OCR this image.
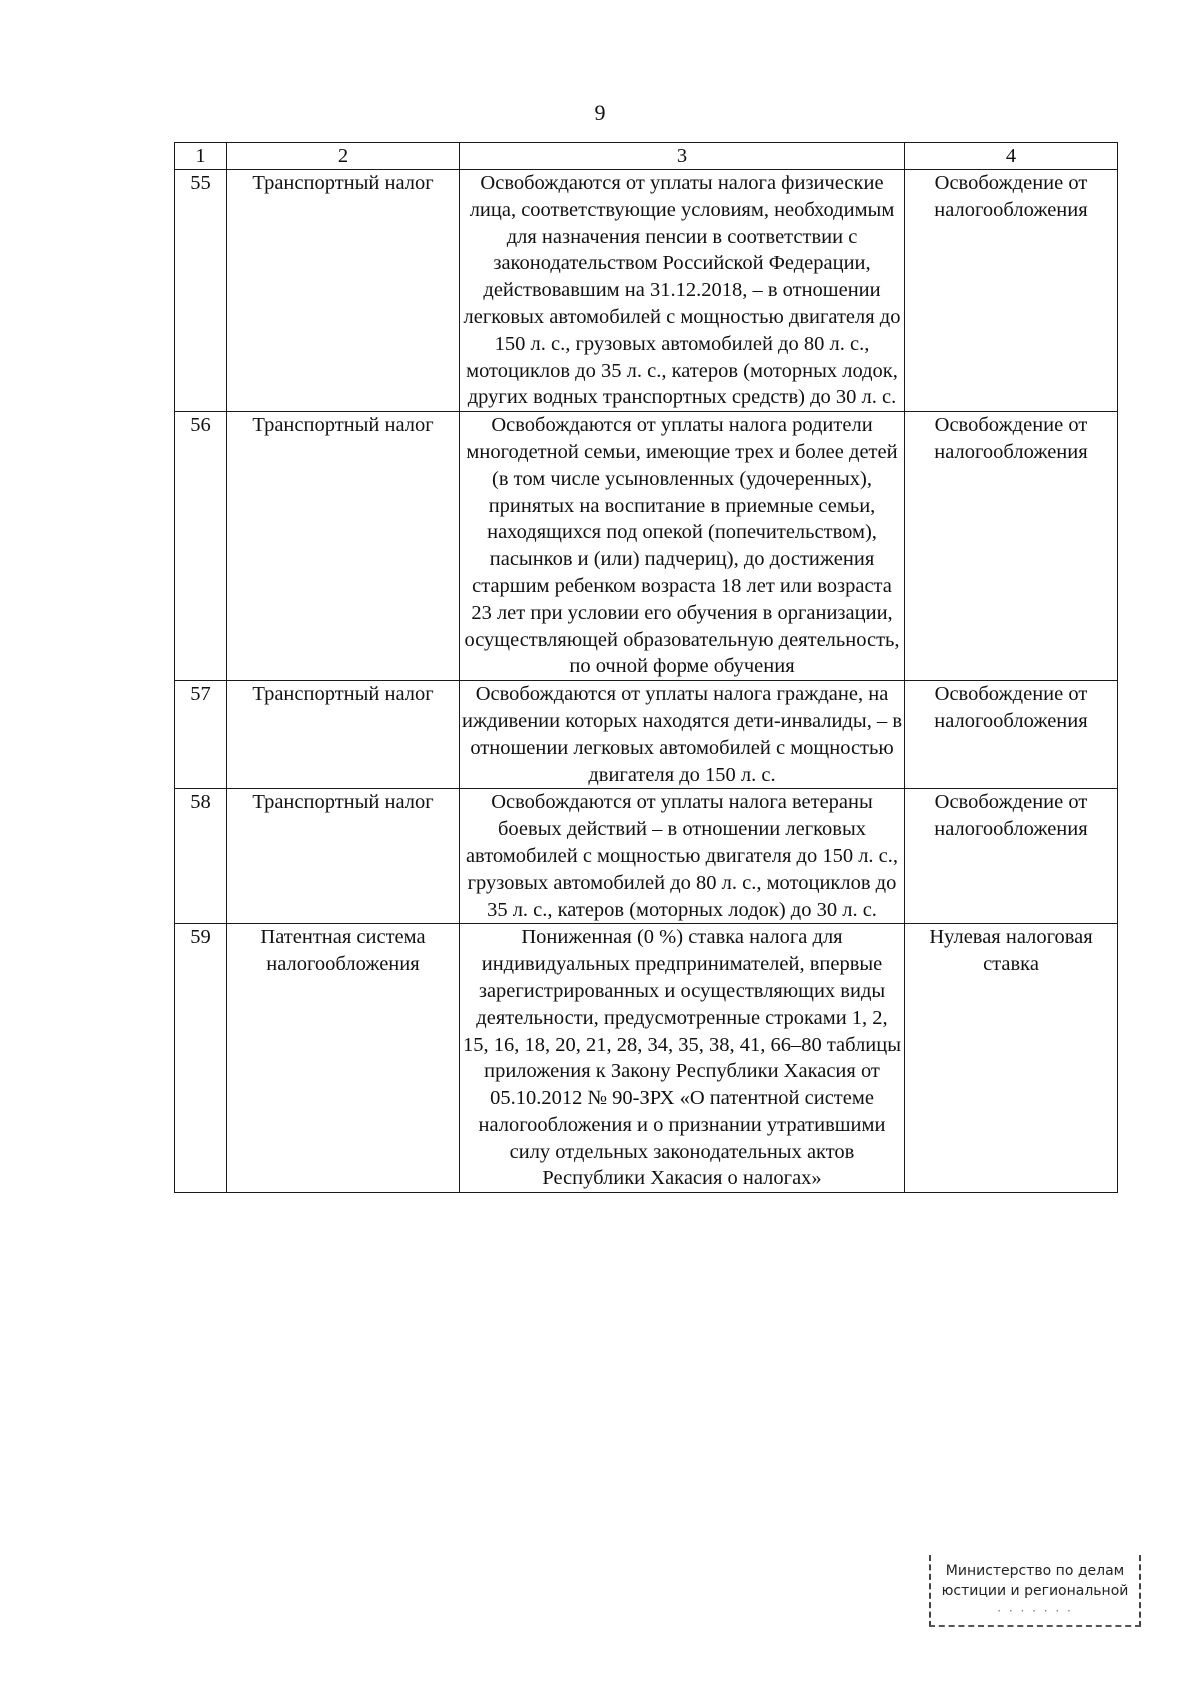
9
1	2	3	4
55	Транспортный налог	Освобождаются от уплаты налога физические лица, соответствующие условиям, необходимым для назначения пенсии в соответствии с законодательством Российской Федерации, действовавшим на 31.12.2018, – в отношении легковых автомобилей с мощностью двигателя до 150 л. с., грузовых автомобилей до 80 л. с., мотоциклов до 35 л. с., катеров (моторных лодок, других водных транспортных средств) до 30 л. с.	Освобождение от налогообложения
56	Транспортный налог	Освобождаются от уплаты налога родители многодетной семьи, имеющие трех и более детей (в том числе усыновленных (удочеренных), принятых на воспитание в приемные семьи, находящихся под опекой (попечительством), пасынков и (или) падчериц), до достижения старшим ребенком возраста 18 лет или возраста 23 лет при условии его обучения в организации, осуществляющей образовательную деятельность, по очной форме обучения	Освобождение от налогообложения
57	Транспортный налог	Освобождаются от уплаты налога граждане, на иждивении которых находятся дети-инвалиды, – в отношении легковых автомобилей с мощностью двигателя до 150 л. с.	Освобождение от налогообложения
58	Транспортный налог	Освобождаются от уплаты налога ветераны боевых действий – в отношении легковых автомобилей с мощностью двигателя до 150 л. с., грузовых автомобилей до 80 л. с., мотоциклов до 35 л. с., катеров (моторных лодок) до 30 л. с.	Освобождение от налогообложения
59	Патентная система налогообложения	Пониженная (0 %) ставка налога для индивидуальных предпринимателей, впервые зарегистрированных и осуществляющих виды деятельности, предусмотренные строками 1, 2, 15, 16, 18, 20, 21, 28, 34, 35, 38, 41, 66–80 таблицы приложения к Закону Республики Хакасия от 05.10.2012 № 90-ЗРХ «О патентной системе налогообложения и о признании утратившими силу отдельных законодательных актов Республики Хакасия о налогах»	Нулевая налоговая ставка
Министерство по делам
юстиции и региональной
· · · · · · ·
